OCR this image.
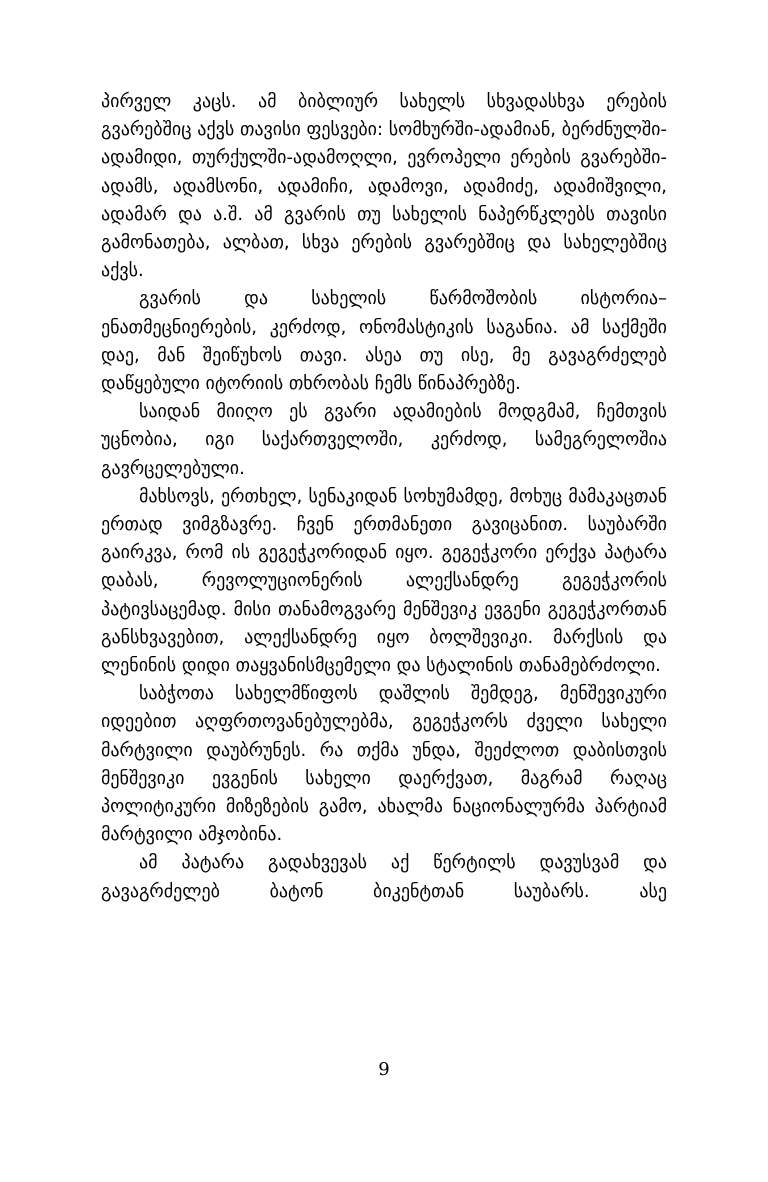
პირველ კაცს. ამ ბიბლიურ სახელს სხვადასხვა ერების გვარებშიც აქვს თავისი ფესვები: სომხურში-ადამიან, ბერძნულში-ადამიდი, თურქულში-ადამოღლი, ევროპელი ერების გვარებში-ადამს, ადამსონი, ადამიჩი, ადამოვი, ადამიძე, ადამიშვილი, ადამარ და ა.შ. ამ გვარის თუ სახელის ნაპერწკლებს თავისი გამონათება, ალბათ, სხვა ერების გვარებშიც და სახელებშიც აქვს.

გვარის და სახელის წარმოშობის ისტორია–ენათმეცნიერების, კერძოდ, ონომასტიკის საგანია. ამ საქმეში დაე, მან შეიწუხოს თავი. ასეა თუ ისე, მე გავაგრძელებ დაწყებული იტორიის თხრობას ჩემს წინაპრებზე.

საიდან მიიღო ეს გვარი ადამიების მოდგმამ, ჩემთვის უცნობია, იგი საქართველოში, კერძოდ, სამეგრელოშია გავრცელებული.

მახსოვს, ერთხელ, სენაკიდან სოხუმამდე, მოხუც მამაკაცთან ერთად ვიმგზავრე. ჩვენ ერთმანეთი გავიცანით. საუბარში გაირკვა, რომ ის გეგეჭკორიდან იყო. გეგეჭკორი ერქვა პატარა დაბას, რევოლუციონერის ალექსანდრე გეგეჭკორის პატივსაცემად. მისი თანამოგვარე მენშევიკ ევგენი გეგეჭკორთან განსხვავებით, ალექსანდრე იყო ბოლშევიკი. მარქსის და ლენინის დიდი თაყვანისმცემელი და სტალინის თანამებრძოლი.

საბჭოთა სახელმწიფოს დაშლის შემდეგ, მენშევიკური იდეებით აღფრთოვანებულებმა, გეგეჭკორს ძველი სახელი მარტვილი დაუბრუნეს. რა თქმა უნდა, შეეძლოთ დაბისთვის მენშევიკი ევგენის სახელი დაერქვათ, მაგრამ რაღაც პოლიტიკური მიზეზების გამო, ახალმა ნაციონალურმა პარტიამ მარტვილი ამჯობინა.

ამ პატარა გადახვევას აქ წერტილს დავუსვამ და გავაგრძელებ ბატონ ბიკენტთან საუბარს. ასე

9
